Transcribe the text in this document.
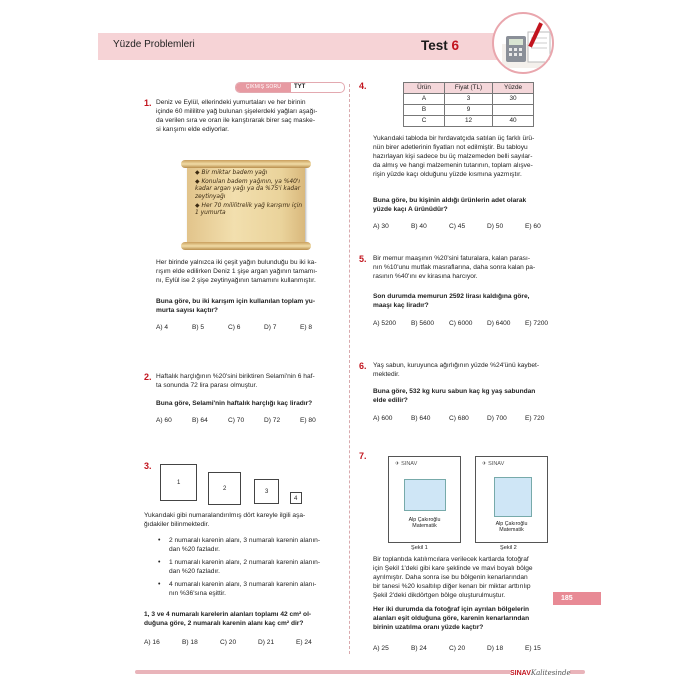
Yüzde Problemleri	Test 6
ÇIKMIŞ SORU	TYT
1. Deniz ve Eylül, ellerindeki yumurtaları ve her birinin
içinde 60 mililitre yağ bulunan şişelerdeki yağları aşağı-
da verilen sıra ve oran ile karıştırarak birer saç maske-
si karışımı elde ediyorlar.
◆ Bir miktar badem yağı
◆ Konulan badem yağının, ya %40'ı kadar argan yağı ya da %75'i kadar zeytinyağı
◆ Her 70 mililitrelik yağ karışımı için 1 yumurta
Her birinde yalnızca iki çeşit yağın bulunduğu bu iki ka-
rışım elde edilirken Deniz 1 şişe argan yağının tamamı-
nı, Eylül ise 2 şişe zeytinyağının tamamını kullanmıştır.
Buna göre, bu iki karışım için kullanılan toplam yu-
murta sayısı kaçtır?
A) 4	B) 5	C) 6	D) 7	E) 8
2. Haftalık harçlığının %20'sini biriktiren Selami'nin 6 haf-
ta sonunda 72 lira parası olmuştur.
Buna göre, Selami'nin haftalık harçlığı kaç liradır?
A) 60	B) 64	C) 70	D) 72	E) 80
3.
1
2	3
4
Yukarıdaki gibi numaralandırılmış dört kareyle ilgili aşa-
ğıdakiler bilinmektedir.
• 2 numaralı karenin alanı, 3 numaralı karenin alanın-
dan %20 fazladır.
• 1 numaralı karenin alanı, 2 numaralı karenin alanın-
dan %20 fazladır.
• 4 numaralı karenin alanı, 3 numaralı karenin alanı-
nın %36'sına eşittir.
1, 3 ve 4 numaralı karelerin alanları toplamı 42 cm² ol-
duğuna göre, 2 numaralı karenin alanı kaç cm² dir?
A) 16	B) 18	C) 20	D) 21	E) 24
4.	Ürün	Fiyat (TL)	Yüzde
A	3	30
B	9	
C	12	40
Yukarıdaki tabloda bir hırdavatçıda satılan üç farklı ürü-
nün birer adetlerinin fiyatları not edilmiştir. Bu tabloyu
hazırlayan kişi sadece bu üç malzemeden belli sayılar-
da almış ve hangi malzemenin tutarının, toplam alışve-
rişin yüzde kaçı olduğunu yüzde kısmına yazmıştır.
Buna göre, bu kişinin aldığı ürünlerin adet olarak
yüzde kaçı A ürünüdür?
A) 30	B) 40	C) 45	D) 50	E) 60
5. Bir memur maaşının %20'sini faturalara, kalan parası-
nın %10'unu mutfak masraflarına, daha sonra kalan pa-
rasının %40'ını ev kirasına harcıyor.
Son durumda memurun 2592 lirası kaldığına göre,
maaşı kaç liradır?
A) 5200	B) 5600	C) 6000	D) 6400	E) 7200
6. Yaş sabun, kuruyunca ağırlığının yüzde %24'ünü kaybet-
mektedir.
Buna göre, 532 kg kuru sabun kaç kg yaş sabundan
elde edilir?
A) 600	B) 640	C) 680	D) 700	E) 720
7.
✈ SINAV
Alp Çakıroğlu
Matematik
Şekil 1
✈ SINAV
Alp Çakıroğlu
Matematik
Şekil 2
Bir toplantıda katılımcılara verilecek kartlarda fotoğraf
için Şekil 1'deki gibi kare şeklinde ve mavi boyalı bölge
ayrılmıştır. Daha sonra ise bu bölgenin kenarlarından
bir tanesi %20 kısaltılıp diğer kenarı bir miktar arttırılıp
Şekil 2'deki dikdörtgen bölge oluşturulmuştur.
Her iki durumda da fotoğraf için ayrılan bölgelerin
alanları eşit olduğuna göre, karenin kenarlarından
birinin uzatılma oranı yüzde kaçtır?
A) 25	B) 24	C) 20	D) 18	E) 15
185
SINAVKalitesinde
